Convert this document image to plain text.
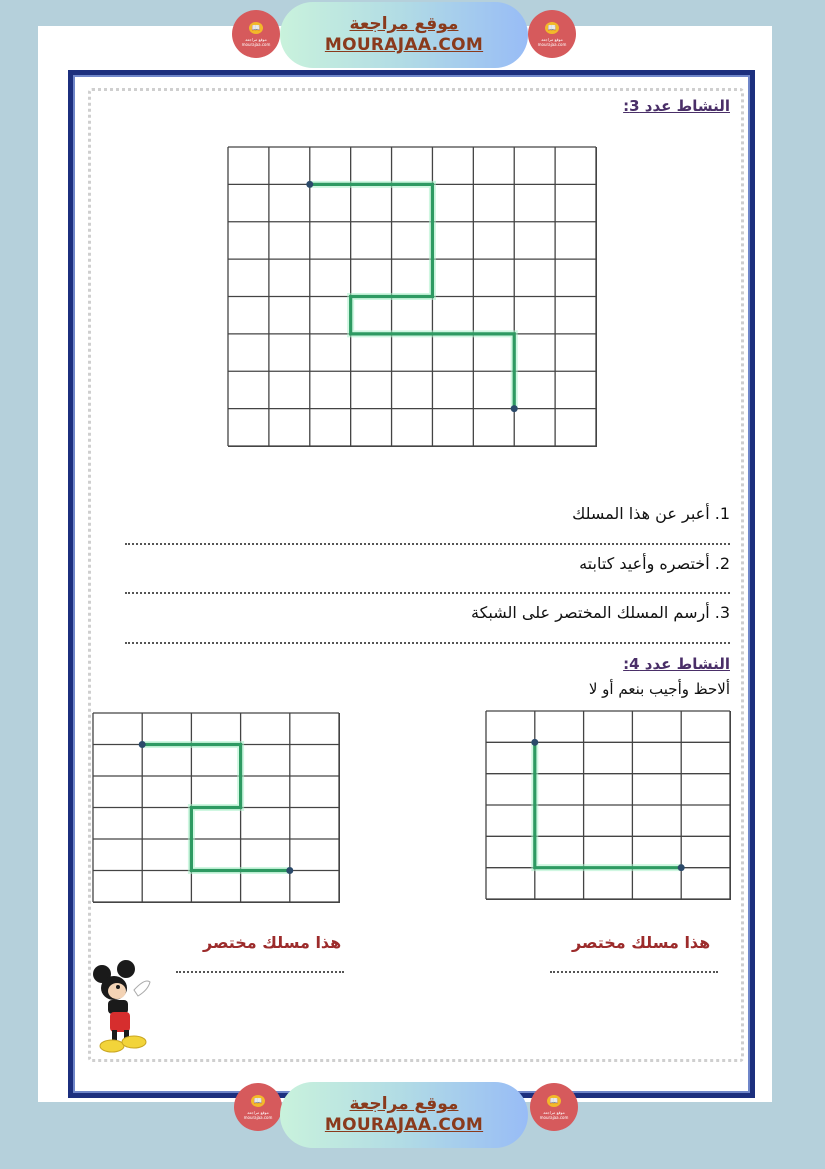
📖
موقع مراجعة
mourajaa.com
موقع مراجعة
MOURAJAA.COM
📖
موقع مراجعة
mourajaa.com
النشاط عدد 3:
1. أعبر عن هذا المسلك
2. أختصره وأعيد كتابته
3. أرسم المسلك المختصر على الشبكة
النشاط عدد 4:
ألاحظ وأجيب بنعم أو لا
هذا مسلك مختصر
هذا مسلك مختصر
📖
موقع مراجعة
mourajaa.com
موقع مراجعة
MOURAJAA.COM
📖
موقع مراجعة
mourajaa.com
